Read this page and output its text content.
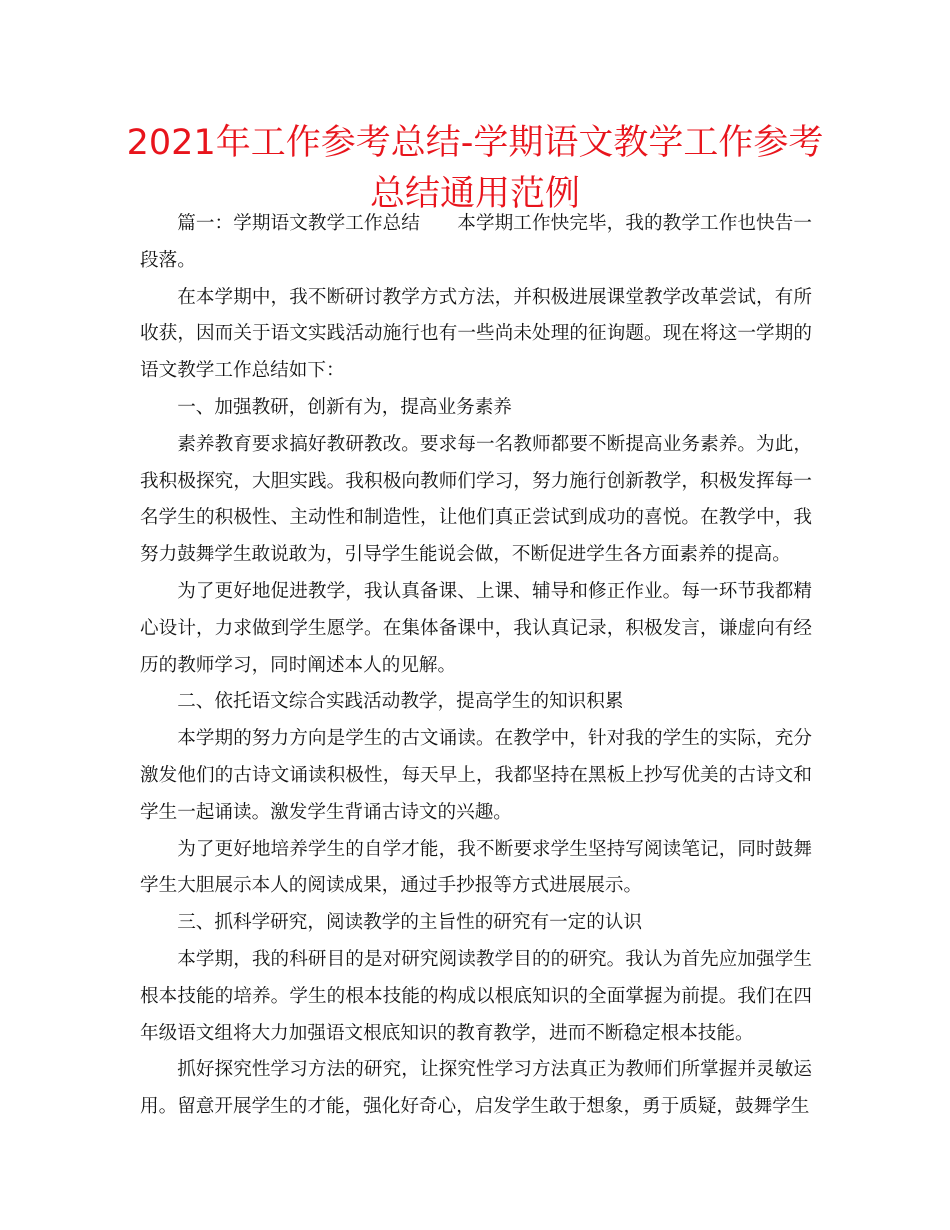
2021年工作参考总结-学期语文教学工作参考总结通用范例

篇一：学期语文教学工作总结　　本学期工作快完毕，我的教学工作也快告一段落。

在本学期中，我不断研讨教学方式方法，并积极进展课堂教学改革尝试，有所收获，因而关于语文实践活动施行也有一些尚未处理的征询题。现在将这一学期的语文教学工作总结如下：

一、加强教研，创新有为，提高业务素养

素养教育要求搞好教研教改。要求每一名教师都要不断提高业务素养。为此，我积极探究，大胆实践。我积极向教师们学习，努力施行创新教学，积极发挥每一名学生的积极性、主动性和制造性，让他们真正尝试到成功的喜悦。在教学中，我努力鼓舞学生敢说敢为，引导学生能说会做，不断促进学生各方面素养的提高。

为了更好地促进教学，我认真备课、上课、辅导和修正作业。每一环节我都精心设计，力求做到学生愿学。在集体备课中，我认真记录，积极发言，谦虚向有经历的教师学习，同时阐述本人的见解。

二、依托语文综合实践活动教学，提高学生的知识积累

本学期的努力方向是学生的古文诵读。在教学中，针对我的学生的实际，充分激发他们的古诗文诵读积极性，每天早上，我都坚持在黑板上抄写优美的古诗文和学生一起诵读。激发学生背诵古诗文的兴趣。

为了更好地培养学生的自学才能，我不断要求学生坚持写阅读笔记，同时鼓舞学生大胆展示本人的阅读成果，通过手抄报等方式进展展示。

三、抓科学研究，阅读教学的主旨性的研究有一定的认识

本学期，我的科研目的是对研究阅读教学目的的研究。我认为首先应加强学生根本技能的培养。学生的根本技能的构成以根底知识的全面掌握为前提。我们在四年级语文组将大力加强语文根底知识的教育教学，进而不断稳定根本技能。

抓好探究性学习方法的研究，让探究性学习方法真正为教师们所掌握并灵敏运用。留意开展学生的才能，强化好奇心，启发学生敢于想象，勇于质疑，鼓舞学生
